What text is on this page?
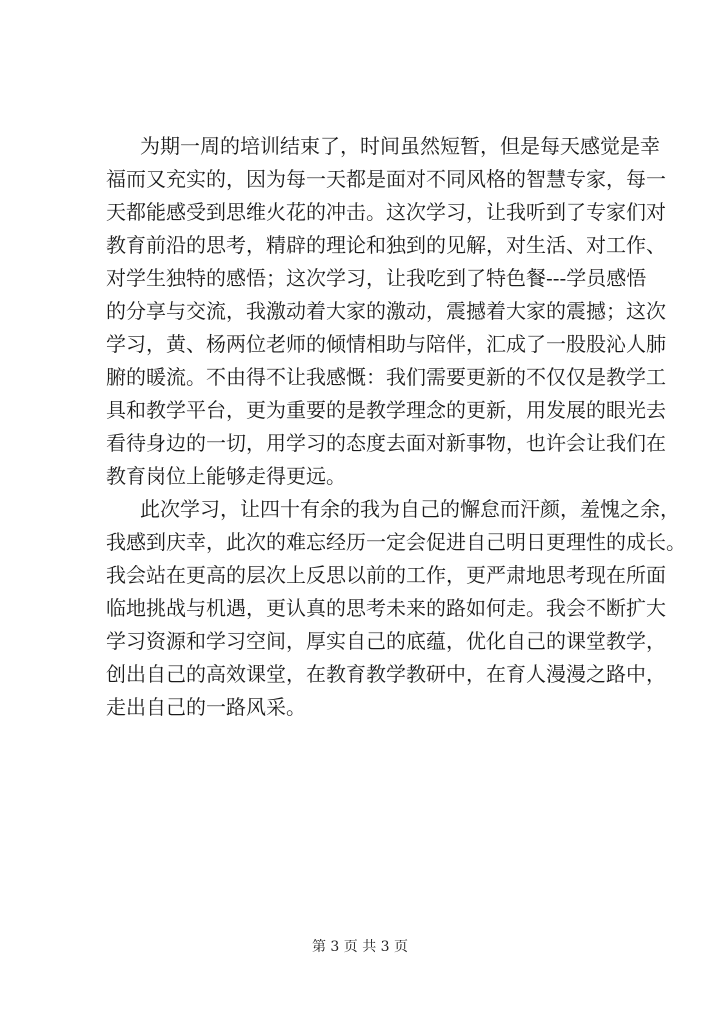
为期一周的培训结束了，时间虽然短暂，但是每天感觉是幸
福而又充实的，因为每一天都是面对不同风格的智慧专家，每一
天都能感受到思维火花的冲击。这次学习，让我听到了专家们对
教育前沿的思考，精辟的理论和独到的见解，对生活、对工作、
对学生独特的感悟；这次学习，让我吃到了特色餐---学员感悟
的分享与交流，我激动着大家的激动，震撼着大家的震撼；这次
学习，黄、杨两位老师的倾情相助与陪伴，汇成了一股股沁人肺
腑的暖流。不由得不让我感慨：我们需要更新的不仅仅是教学工
具和教学平台，更为重要的是教学理念的更新，用发展的眼光去
看待身边的一切，用学习的态度去面对新事物，也许会让我们在
教育岗位上能够走得更远。
此次学习，让四十有余的我为自己的懈怠而汗颜，羞愧之余，
我感到庆幸，此次的难忘经历一定会促进自己明日更理性的成长。
我会站在更高的层次上反思以前的工作，更严肃地思考现在所面
临地挑战与机遇，更认真的思考未来的路如何走。我会不断扩大
学习资源和学习空间，厚实自己的底蕴，优化自己的课堂教学，
创出自己的高效课堂，在教育教学教研中，在育人漫漫之路中，
走出自己的一路风采。
第 3 页 共 3 页
